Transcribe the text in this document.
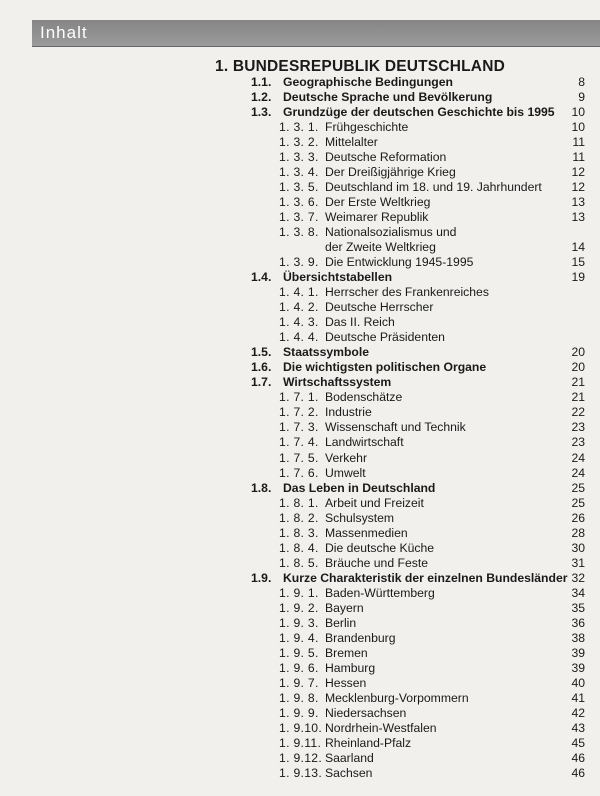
Inhalt
1. BUNDESREPUBLIK DEUTSCHLAND
1.1. Geographische Bedingungen	8
1.2. Deutsche Sprache und Bevölkerung	9
1.3. Grundzüge der deutschen Geschichte bis 1995 10
1. 3. 1. Frühgeschichte	10
1. 3. 2. Mittelalter	11
1. 3. 3. Deutsche Reformation	11
1. 3. 4. Der Dreißigjährige Krieg	12
1. 3. 5. Deutschland im 18. und 19. Jahrhundert 12
1. 3. 6. Der Erste Weltkrieg	13
1. 3. 7. Weimarer Republik	13
1. 3. 8. Nationalsozialismus und
der Zweite Weltkrieg	14
1. 3. 9. Die Entwicklung 1945-1995	15
1.4. Übersichtstabellen	19
1. 4. 1. Herrscher des Frankenreiches
1. 4. 2. Deutsche Herrscher
1. 4. 3. Das II. Reich
1. 4. 4. Deutsche Präsidenten
1.5. Staatssymbole	20
1.6. Die wichtigsten politischen Organe	20
1.7. Wirtschaftssystem	21
1. 7. 1. Bodenschätze	21
1. 7. 2. Industrie	22
1. 7. 3. Wissenschaft und Technik	23
1. 7. 4. Landwirtschaft	23
1. 7. 5. Verkehr	24
1. 7. 6. Umwelt	24
1.8. Das Leben in Deutschland	25
1. 8. 1. Arbeit und Freizeit	25
1. 8. 2. Schulsystem	26
1. 8. 3. Massenmedien	28
1. 8. 4. Die deutsche Küche	30
1. 8. 5. Bräuche und Feste	31
1.9. Kurze Charakteristik der einzelnen Bundesländer 32
1. 9. 1. Baden-Württemberg	34
1. 9. 2. Bayern	35
1. 9. 3. Berlin	36
1. 9. 4. Brandenburg	38
1. 9. 5. Bremen	39
1. 9. 6. Hamburg	39
1. 9. 7. Hessen	40
1. 9. 8. Mecklenburg-Vorpommern	41
1. 9. 9. Niedersachsen	42
1. 9.10. Nordrhein-Westfalen	43
1. 9.11. Rheinland-Pfalz	45
1. 9.12. Saarland	46
1. 9.13. Sachsen	46
